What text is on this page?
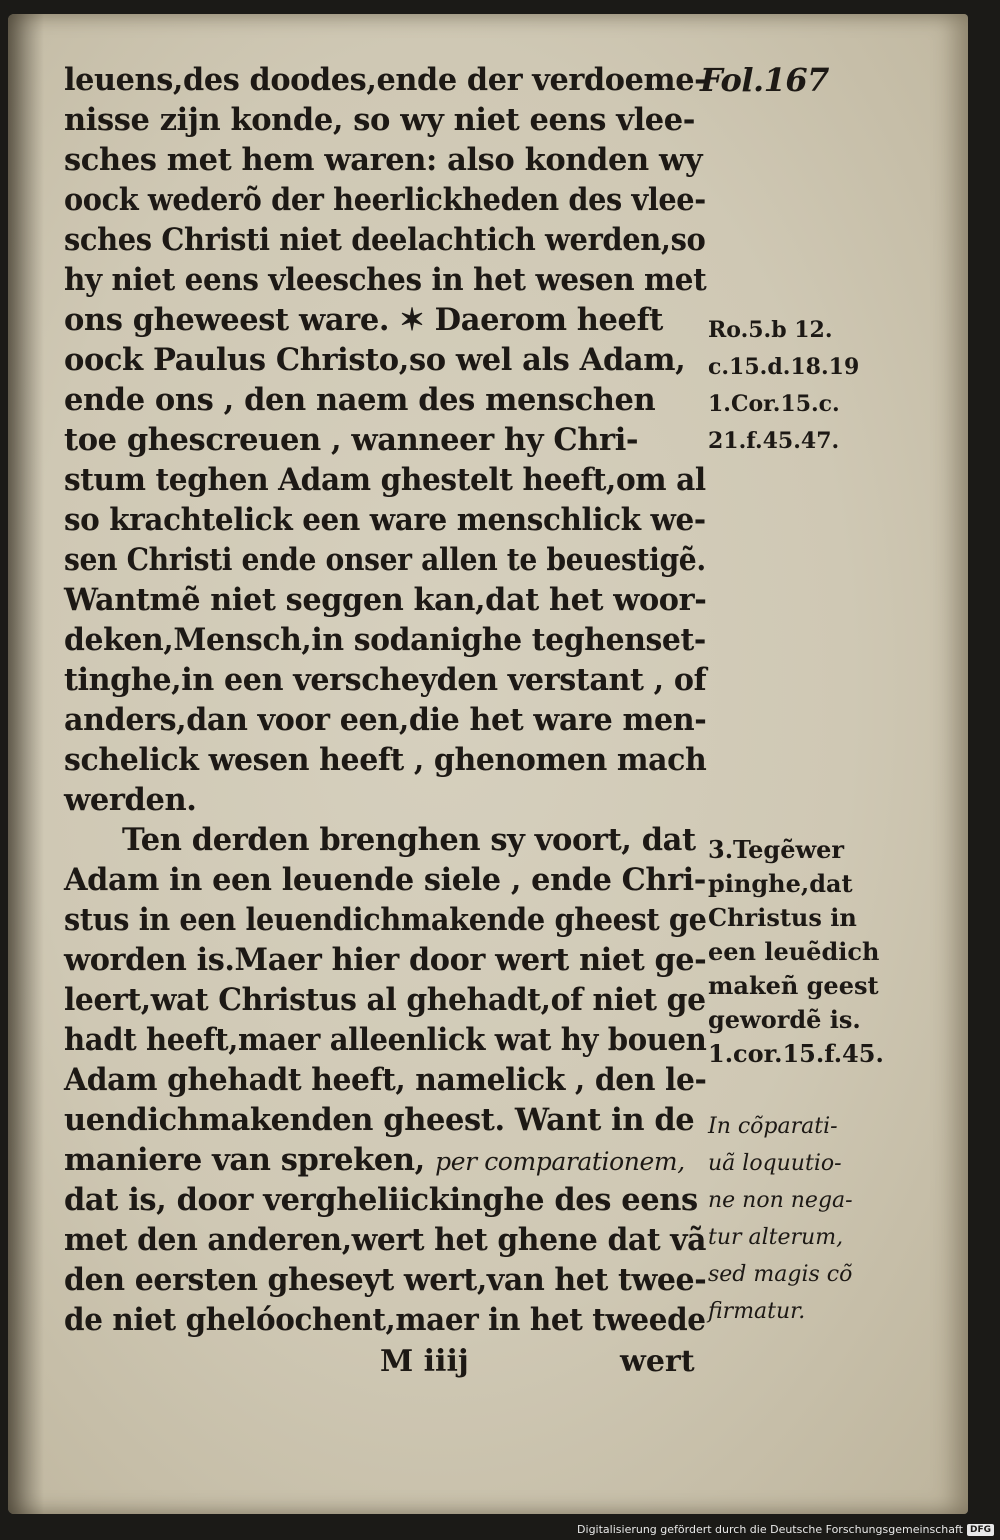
Fol.167
leuens,des doodes,ende der verdoeme-
nisse zijn konde, so wy niet eens vlee-
sches met hem waren: also konden wy
oock wederõ der heerlickheden des vlee-
sches Christi niet deelachtich werden,so
hy niet eens vleesches in het wesen met
ons gheweest ware. ✶ Daerom heeft
oock Paulus Christo,so wel als Adam,
ende ons , den naem des menschen
toe ghescreuen , wanneer hy Chri-
stum teghen Adam ghestelt heeft,om al
so krachtelick een ware menschlick we-
sen Christi ende onser allen te beuestigẽ.
Wantmẽ niet seggen kan,dat het woor-
deken,Mensch,in sodanighe teghenset-
tinghe,in een verscheyden verstant , of
anders,dan voor een,die het ware men-
schelick wesen heeft , ghenomen mach
werden.
Ten derden brenghen sy voort, dat
Adam in een leuende siele , ende Chri-
stus in een leuendichmakende gheest ge
worden is.Maer hier door wert niet ge-
leert,wat Christus al ghehadt,of niet ge
hadt heeft,maer alleenlick wat hy bouen
Adam ghehadt heeft, namelick , den le-
uendichmakenden gheest. Want in de
maniere van spreken, per comparationem,
dat is, door vergheliickinghe des eens
met den anderen,wert het ghene dat vã
den eersten gheseyt wert,van het twee-
de niet ghelóochent,maer in het tweede
Ro.5.b 12.
c.15.d.18.19
1.Cor.15.c.
21.f.45.47.
3.Tegẽwer
pinghe,dat
Christus in
een leuẽdich
makeñ geest
gewordẽ is.
1.cor.15.f.45.
In cõparati-
uã loquutio-
ne non nega-
tur alterum,
sed magis cõ
firmatur.
M iiij	wert
Digitalisierung gefördert durch die Deutsche Forschungsgemeinschaft DFG
